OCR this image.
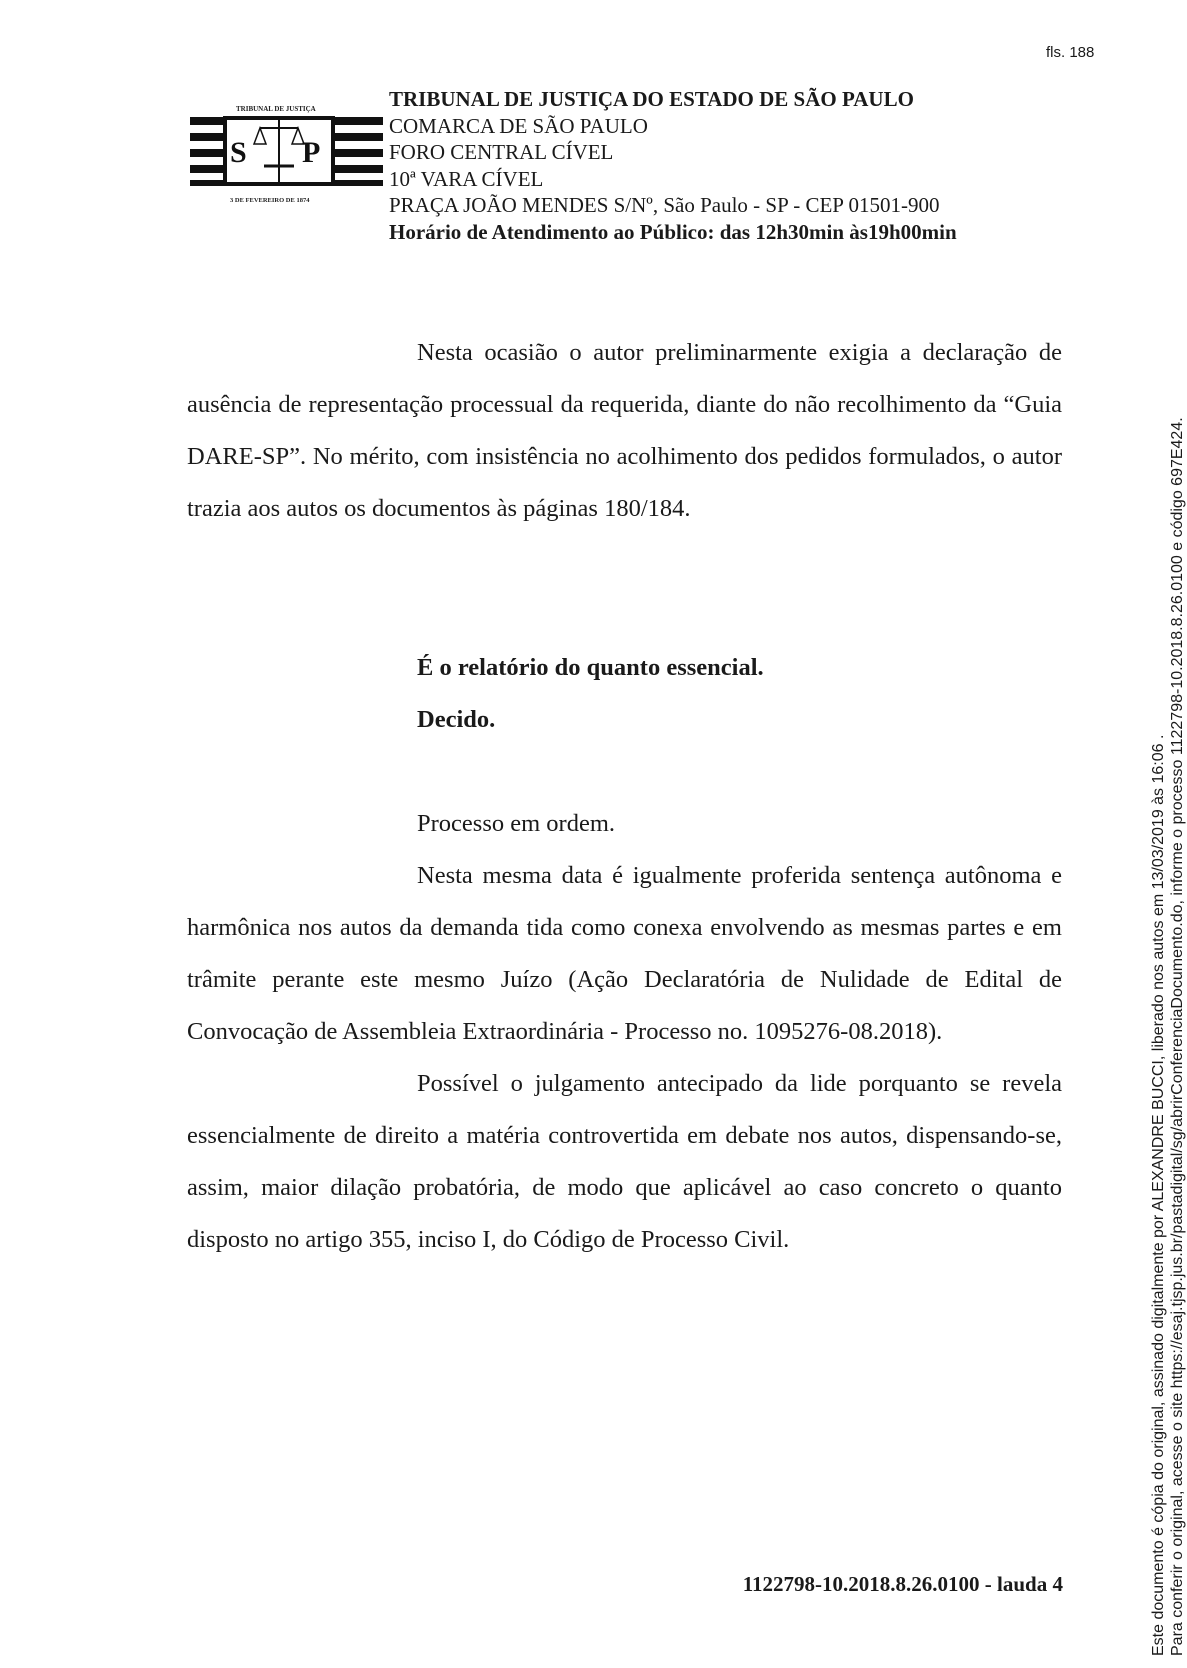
fls. 188
TRIBUNAL DE JUSTIÇA
S P
3 DE FEVEREIRO DE 1874
TRIBUNAL DE JUSTIÇA DO ESTADO DE SÃO PAULO
COMARCA DE SÃO PAULO
FORO CENTRAL CÍVEL
10ª VARA CÍVEL
PRAÇA JOÃO MENDES S/Nº, São Paulo - SP - CEP 01501-900
Horário de Atendimento ao Público: das 12h30min às19h00min

Nesta ocasião o autor preliminarmente exigia a declaração de ausência de representação processual da requerida, diante do não recolhimento da “Guia DARE-SP”. No mérito, com insistência no acolhimento dos pedidos formulados, o autor trazia aos autos os documentos às páginas 180/184.

É o relatório do quanto essencial.
Decido.
Processo em ordem.

Nesta mesma data é igualmente proferida sentença autônoma e harmônica nos autos da demanda tida como conexa envolvendo as mesmas partes e em trâmite perante este mesmo Juízo (Ação Declaratória de Nulidade de Edital de Convocação de Assembleia Extraordinária - Processo no. 1095276-08.2018).

Possível o julgamento antecipado da lide porquanto se revela essencialmente de direito a matéria controvertida em debate nos autos, dispensando-se, assim, maior dilação probatória, de modo que aplicável ao caso concreto o quanto disposto no artigo 355, inciso I, do Código de Processo Civil.

1122798-10.2018.8.26.0100 - lauda 4	Este documento é cópia do original, assinado digitalmente por ALEXANDRE BUCCI, liberado nos autos em 13/03/2019 às 16:06 . Para conferir o original, acesse o site https://esaj.tjsp.jus.br/pastadigital/sg/abrirConferenciaDocumento.do, informe o processo 1122798-10.2018.8.26.0100 e código 697E424.
